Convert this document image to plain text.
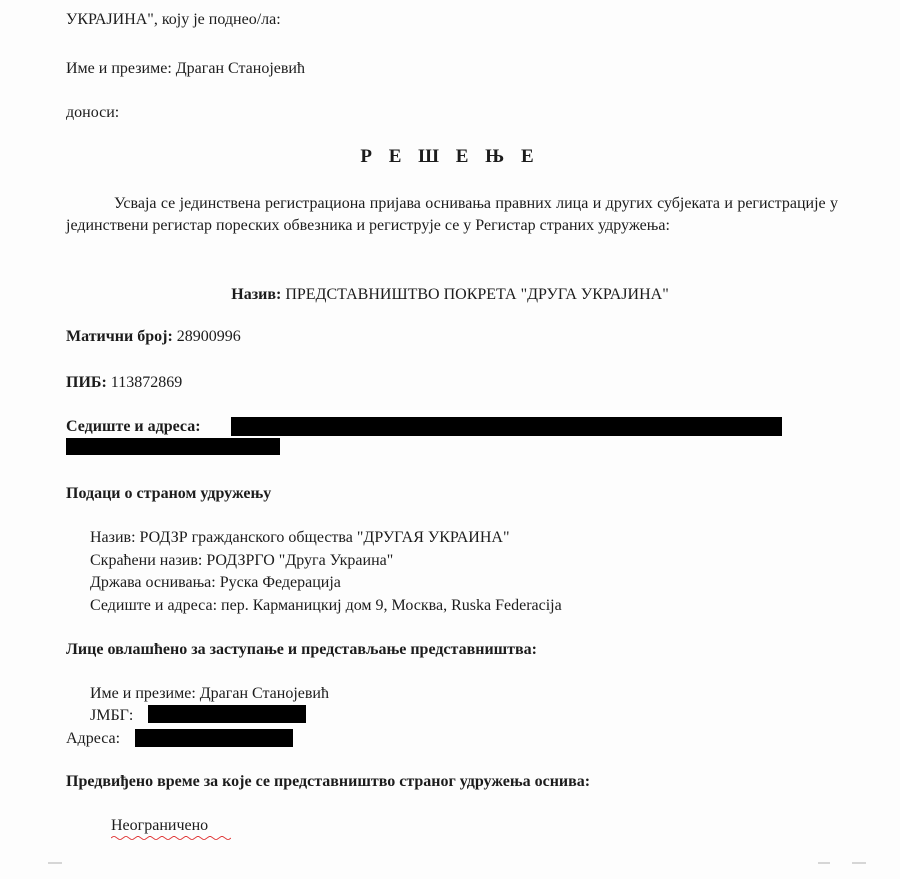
УКРАЈИНА", коју је поднео/ла:
Име и презиме: Драган Станојевић
доноси:
Р Е Ш Е Њ Е
Усваја се јединствена регистрациона пријава оснивања правних лица и других субјеката и регистрације у јединствени регистар пореских обвезника и региструје се у Регистар страних удружења:
Назив: ПРЕДСТАВНИШТВО ПОКРЕТА "ДРУГА УКРАЈИНА"
Матични број: 28900996
ПИБ: 113872869
Седиште и адреса:
Подаци о страном удружењу
Назив: РОДЗР гражданского общества "ДРУГАЯ УКРАИНА"
Скраћени назив: РОДЗРГО "Друга Украина"
Држава оснивања: Руска Федерација
Седиште и адреса: пер. Карманицкиј дом 9, Москва, Ruska Federacija
Лице овлашћено за заступање и представљање представништва:
Име и презиме: Драган Станојевић
ЈМБГ:
Адреса:
Предвиђено време за које се представништво страног удружења оснива:
Неограничено
